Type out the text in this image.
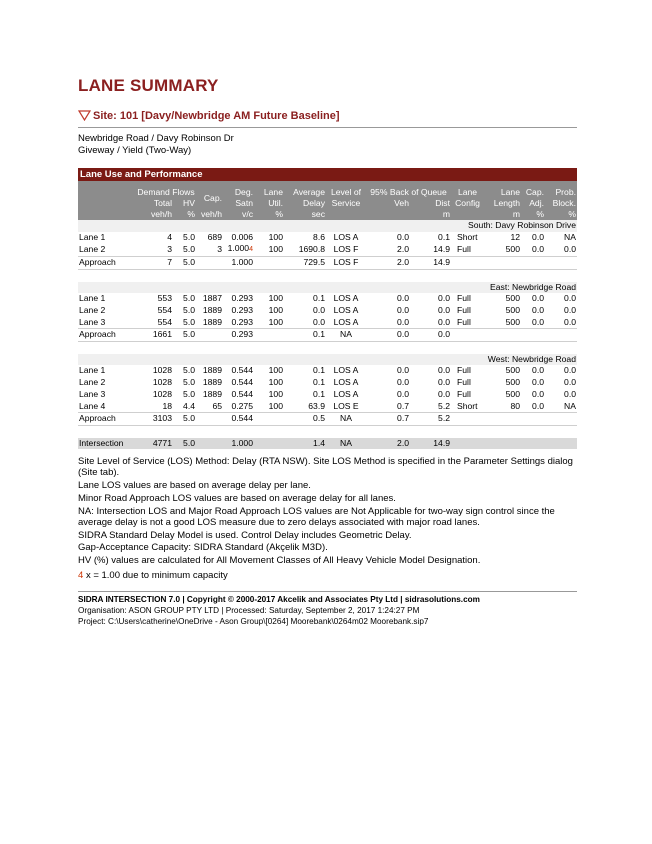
LANE SUMMARY
Site: 101 [Davy/Newbridge AM Future Baseline]
Newbridge Road / Davy Robinson Dr
Giveway / Yield (Two-Way)
Lane Use and Performance
	Demand Flows		Cap.	Deg.	Lane	Average	Level of	95% Back of Queue		Lane	Lane	Cap.	Prob.
	Total	HV		Satn	Util.	Delay	Service	Veh	Dist	Config	Length	Adj.	Block.
	veh/h	%	veh/h	v/c	%	sec			m		m	%	%
South: Davy Robinson Drive													
Lane 1	4	5.0	689	0.006	100	8.6	LOS A	0.0	0.1	Short	12	0.0	NA
Lane 2	3	5.0	3	1.0004	100	1690.8	LOS F	2.0	14.9	Full	500	0.0	0.0
Approach	7	5.0		1.000		729.5	LOS F	2.0	14.9				

East: Newbridge Road													
Lane 1	553	5.0	1887	0.293	100	0.1	LOS A	0.0	0.0	Full	500	0.0	0.0
Lane 2	554	5.0	1889	0.293	100	0.0	LOS A	0.0	0.0	Full	500	0.0	0.0
Lane 3	554	5.0	1889	0.293	100	0.0	LOS A	0.0	0.0	Full	500	0.0	0.0
Approach	1661	5.0		0.293		0.1	NA	0.0	0.0				

West: Newbridge Road													
Lane 1	1028	5.0	1889	0.544	100	0.1	LOS A	0.0	0.0	Full	500	0.0	0.0
Lane 2	1028	5.0	1889	0.544	100	0.1	LOS A	0.0	0.0	Full	500	0.0	0.0
Lane 3	1028	5.0	1889	0.544	100	0.1	LOS A	0.0	0.0	Full	500	0.0	0.0
Lane 4	18	4.4	65	0.275	100	63.9	LOS E	0.7	5.2	Short	80	0.0	NA
Approach	3103	5.0		0.544		0.5	NA	0.7	5.2				

Intersection	4771	5.0		1.000		1.4	NA	2.0	14.9				

Site Level of Service (LOS) Method: Delay (RTA NSW). Site LOS Method is specified in the Parameter Settings dialog (Site tab).

Lane LOS values are based on average delay per lane.

Minor Road Approach LOS values are based on average delay for all lanes.

NA: Intersection LOS and Major Road Approach LOS values are Not Applicable for two-way sign control since the average delay is not a good LOS measure due to zero delays associated with major road lanes.

SIDRA Standard Delay Model is used. Control Delay includes Geometric Delay.

Gap-Acceptance Capacity: SIDRA Standard (Akçelik M3D).

HV (%) values are calculated for All Movement Classes of All Heavy Vehicle Model Designation.

4 x = 1.00 due to minimum capacity
SIDRA INTERSECTION 7.0 | Copyright © 2000-2017 Akcelik and Associates Pty Ltd | sidrasolutions.com
Organisation: ASON GROUP PTY LTD | Processed: Saturday, September 2, 2017 1:24:27 PM
Project: C:\Users\catherine\OneDrive - Ason Group\[0264] Moorebank\0264m02 Moorebank.sip7
